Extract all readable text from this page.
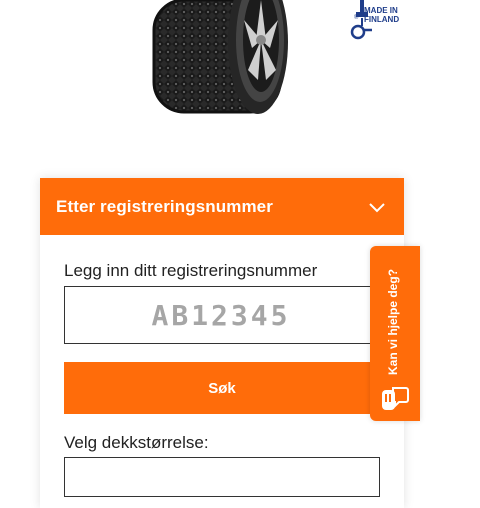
MADE IN FINLAND
®
Etter registreringsnummer
Legg inn ditt registreringsnummer
AB12345
Søk
Velg dekkstørrelse:
Kan vi hjelpe deg?
